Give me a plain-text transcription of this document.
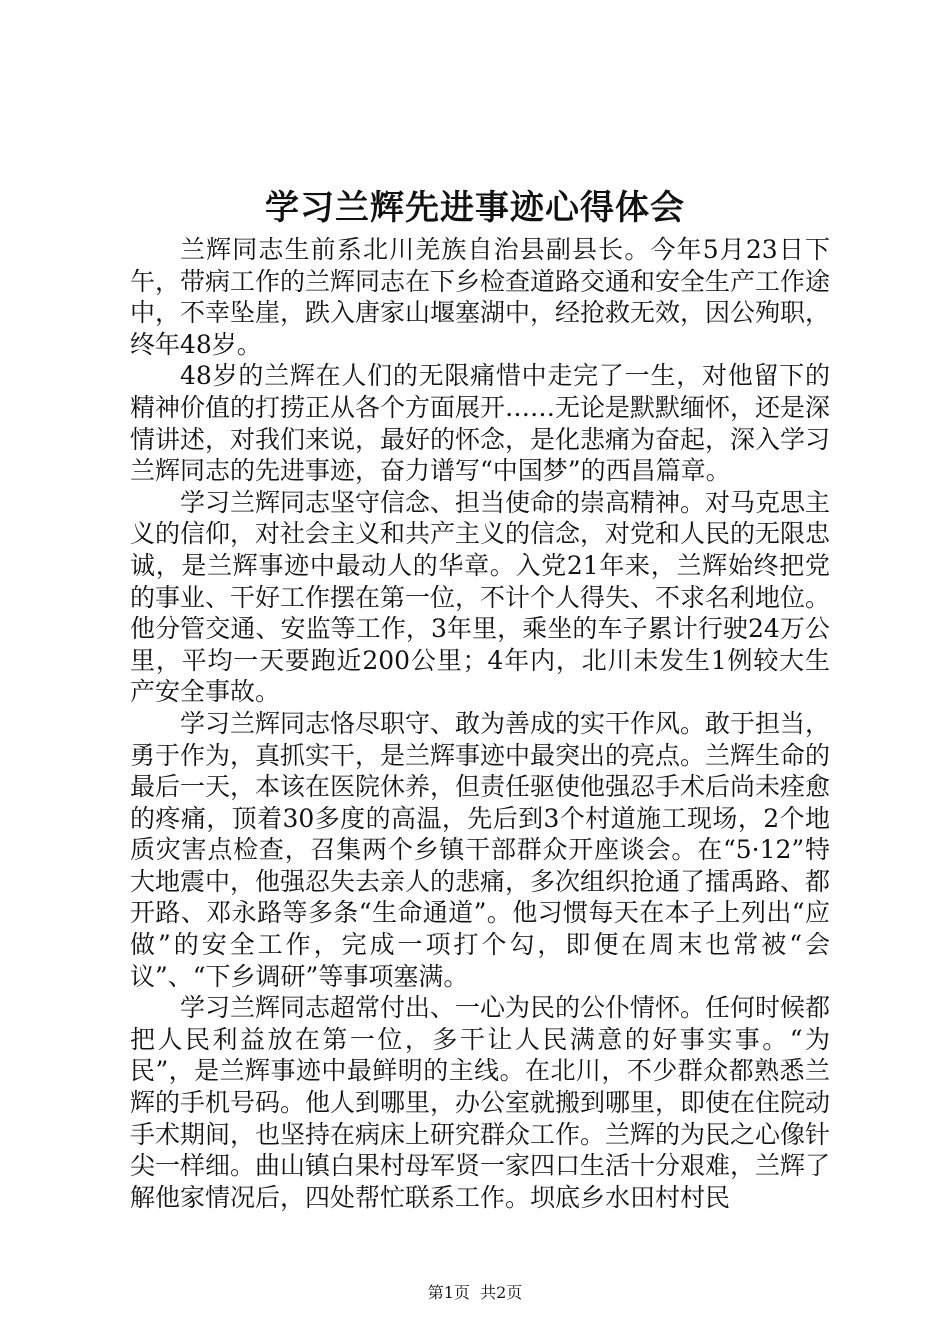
学习兰辉先进事迹心得体会

兰辉同志生前系北川羌族自治县副县长。今年5月23日下午，带病工作的兰辉同志在下乡检查道路交通和安全生产工作途中，不幸坠崖，跌入唐家山堰塞湖中，经抢救无效，因公殉职，终年48岁。

48岁的兰辉在人们的无限痛惜中走完了一生，对他留下的精神价值的打捞正从各个方面展开……无论是默默缅怀，还是深情讲述，对我们来说，最好的怀念，是化悲痛为奋起，深入学习兰辉同志的先进事迹，奋力谱写“中国梦”的西昌篇章。

学习兰辉同志坚守信念、担当使命的崇高精神。对马克思主义的信仰，对社会主义和共产主义的信念，对党和人民的无限忠诚，是兰辉事迹中最动人的华章。入党21年来，兰辉始终把党的事业、干好工作摆在第一位，不计个人得失、不求名利地位。他分管交通、安监等工作，3年里，乘坐的车子累计行驶24万公里，平均一天要跑近200公里；4年内，北川未发生1例较大生产安全事故。

学习兰辉同志恪尽职守、敢为善成的实干作风。敢于担当，勇于作为，真抓实干，是兰辉事迹中最突出的亮点。兰辉生命的最后一天，本该在医院休养，但责任驱使他强忍手术后尚未痊愈的疼痛，顶着30多度的高温，先后到3个村道施工现场，2个地质灾害点检查，召集两个乡镇干部群众开座谈会。在“5·12”特大地震中，他强忍失去亲人的悲痛，多次组织抢通了擂禹路、都开路、邓永路等多条“生命通道”。他习惯每天在本子上列出“应做”的安全工作，完成一项打个勾，即便在周末也常被“会议”、“下乡调研”等事项塞满。

学习兰辉同志超常付出、一心为民的公仆情怀。任何时候都把人民利益放在第一位，多干让人民满意的好事实事。“为民”，是兰辉事迹中最鲜明的主线。在北川，不少群众都熟悉兰辉的手机号码。他人到哪里，办公室就搬到哪里，即使在住院动手术期间，也坚持在病床上研究群众工作。兰辉的为民之心像针尖一样细。曲山镇白果村母军贤一家四口生活十分艰难，兰辉了解他家情况后，四处帮忙联系工作。坝底乡水田村村民

第1页 共2页
